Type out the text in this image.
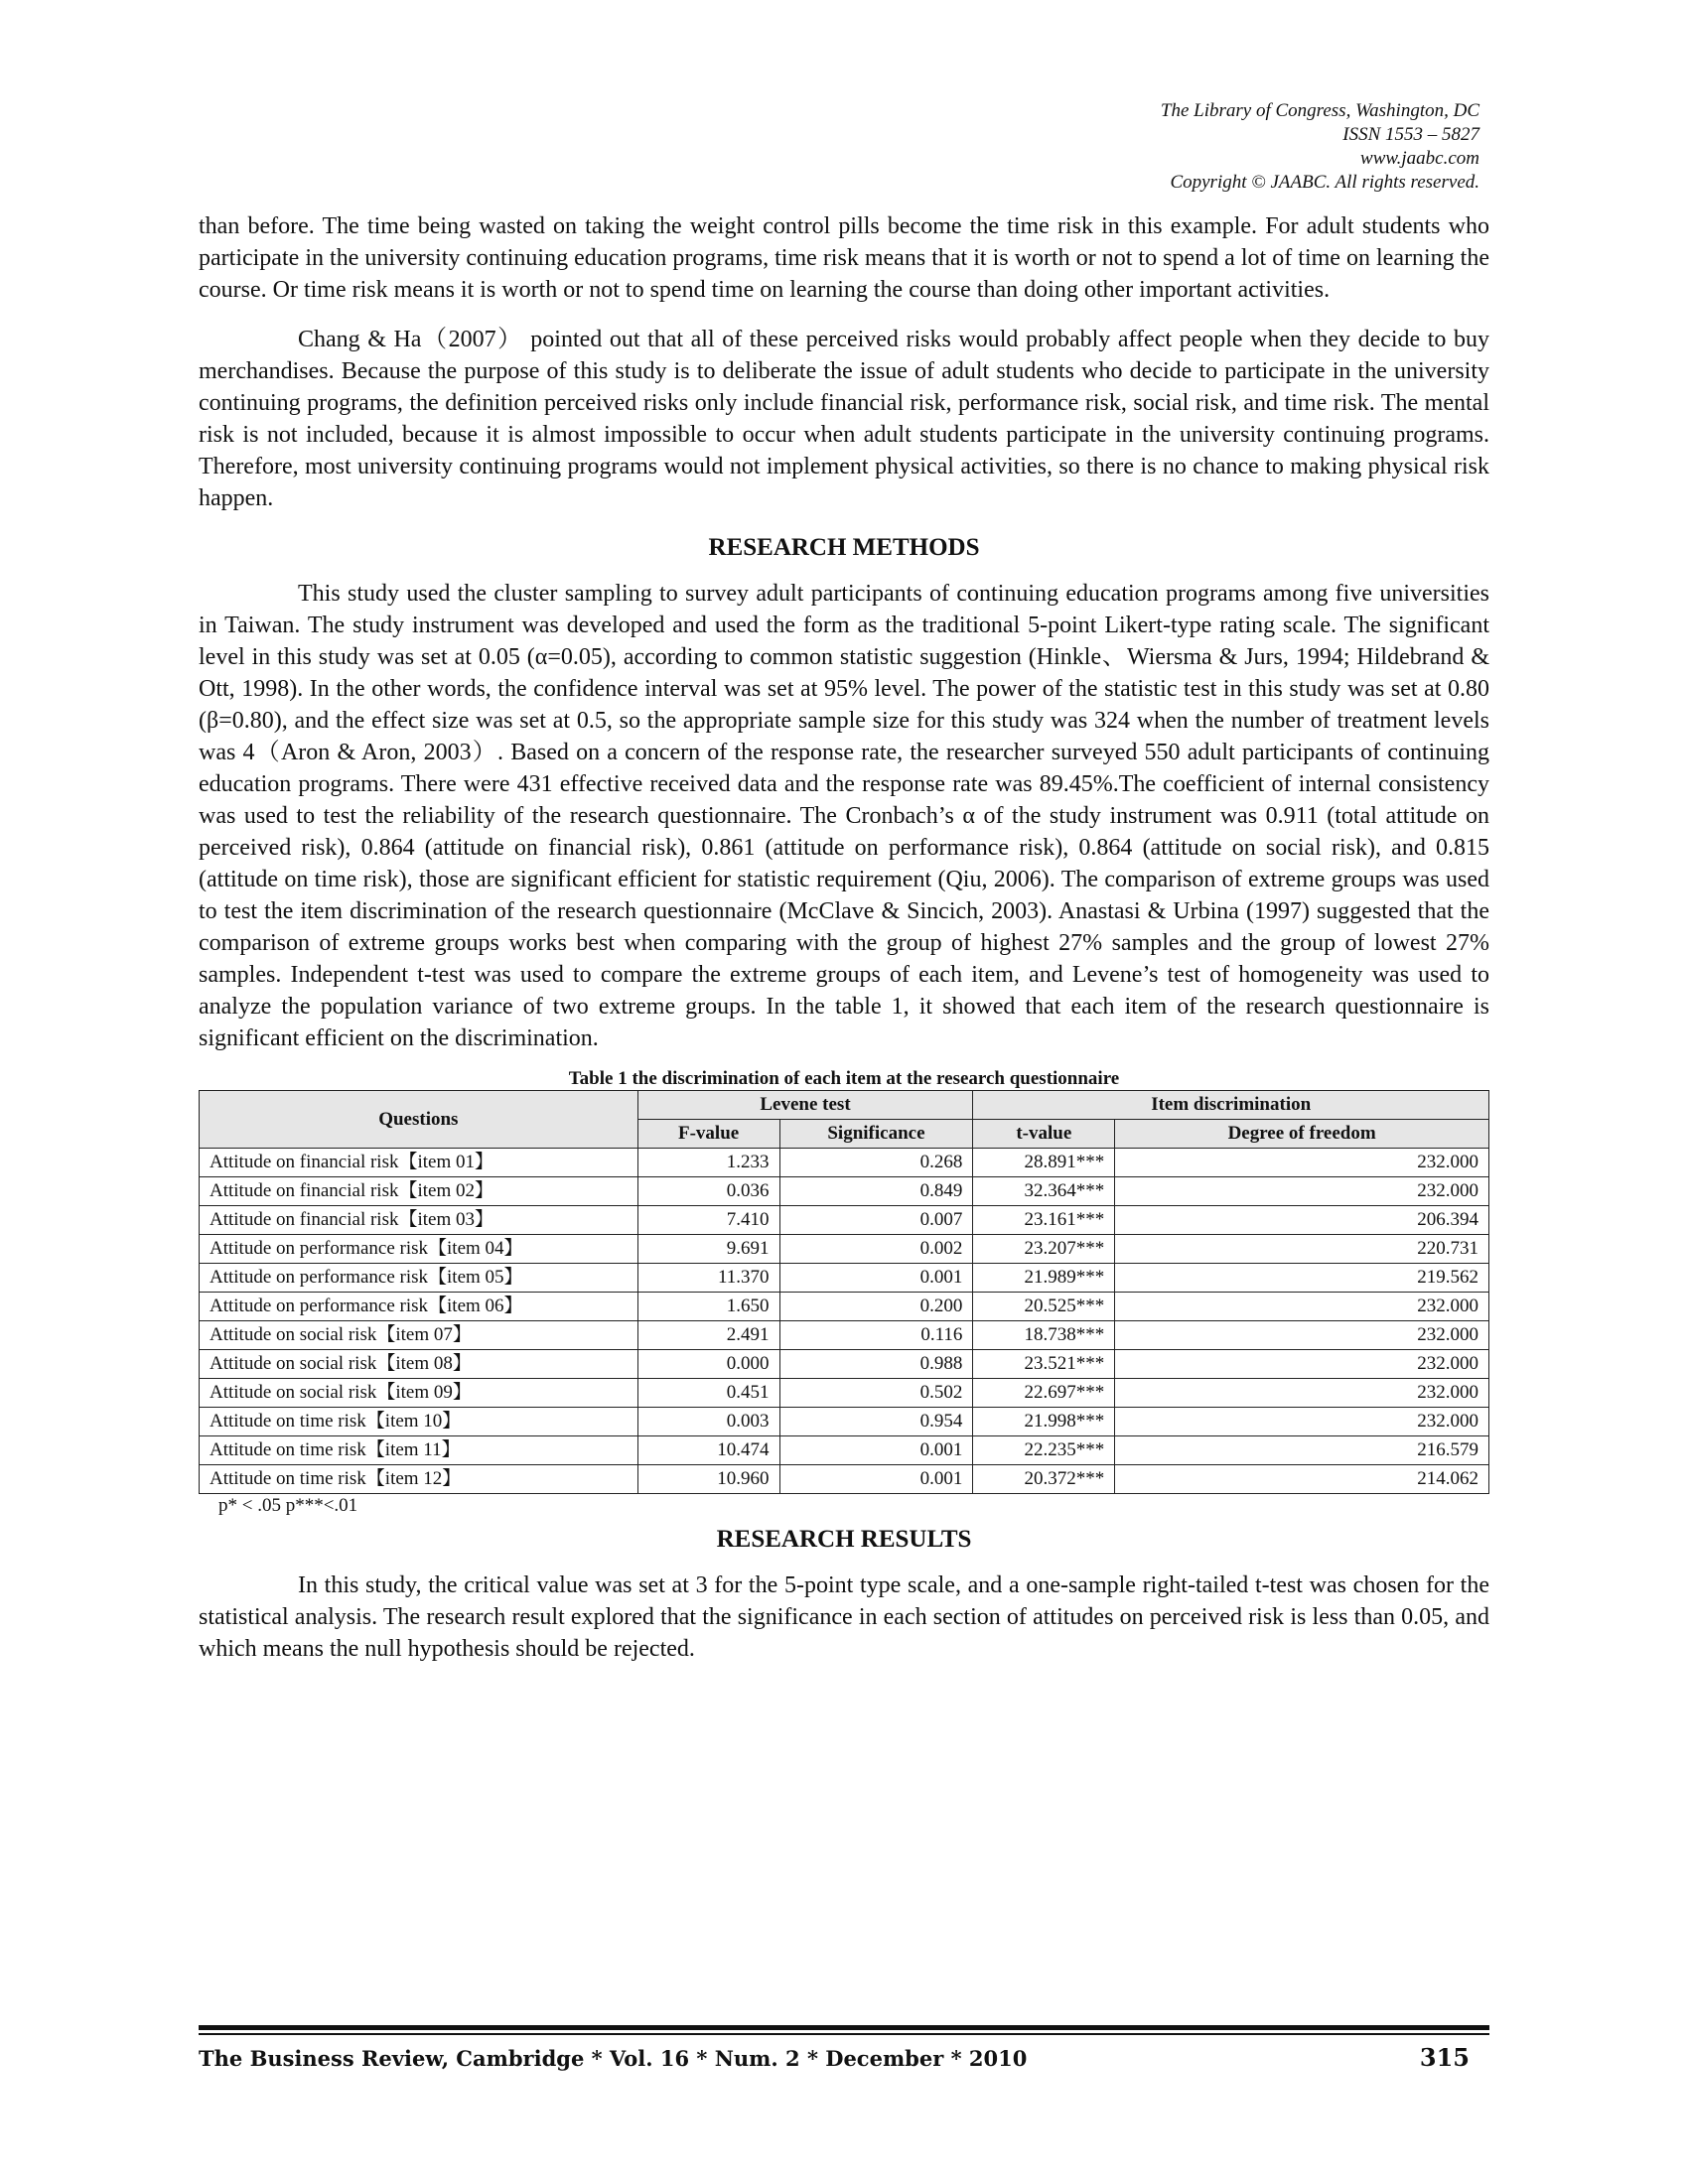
The Library of Congress, Washington, DC
ISSN 1553 – 5827
www.jaabc.com
Copyright © JAABC. All rights reserved.

than before. The time being wasted on taking the weight control pills become the time risk in this example. For adult students who participate in the university continuing education programs, time risk means that it is worth or not to spend a lot of time on learning the course. Or time risk means it is worth or not to spend time on learning the course than doing other important activities.

Chang & Ha（2007） pointed out that all of these perceived risks would probably affect people when they decide to buy merchandises. Because the purpose of this study is to deliberate the issue of adult students who decide to participate in the university continuing programs, the definition perceived risks only include financial risk, performance risk, social risk, and time risk. The mental risk is not included, because it is almost impossible to occur when adult students participate in the university continuing programs. Therefore, most university continuing programs would not implement physical activities, so there is no chance to making physical risk happen.

RESEARCH METHODS

This study used the cluster sampling to survey adult participants of continuing education programs among five universities in Taiwan. The study instrument was developed and used the form as the traditional 5-point Likert-type rating scale. The significant level in this study was set at 0.05 (α=0.05), according to common statistic suggestion (Hinkle、Wiersma & Jurs, 1994; Hildebrand & Ott, 1998). In the other words, the confidence interval was set at 95% level. The power of the statistic test in this study was set at 0.80 (β=0.80), and the effect size was set at 0.5, so the appropriate sample size for this study was 324 when the number of treatment levels was 4（Aron & Aron, 2003）. Based on a concern of the response rate, the researcher surveyed 550 adult participants of continuing education programs. There were 431 effective received data and the response rate was 89.45%.The coefficient of internal consistency was used to test the reliability of the research questionnaire. The Cronbach’s α of the study instrument was 0.911 (total attitude on perceived risk), 0.864 (attitude on financial risk), 0.861 (attitude on performance risk), 0.864 (attitude on social risk), and 0.815 (attitude on time risk), those are significant efficient for statistic requirement (Qiu, 2006). The comparison of extreme groups was used to test the item discrimination of the research questionnaire (McClave & Sincich, 2003). Anastasi & Urbina (1997) suggested that the comparison of extreme groups works best when comparing with the group of highest 27% samples and the group of lowest 27% samples. Independent t-test was used to compare the extreme groups of each item, and Levene’s test of homogeneity was used to analyze the population variance of two extreme groups. In the table 1, it showed that each item of the research questionnaire is significant efficient on the discrimination.

Table 1 the discrimination of each item at the research questionnaire
Questions	Levene test		Item discrimination	
	F-value	Significance	t-value	Degree of freedom
Attitude on financial risk【item 01】	1.233	0.268	28.891***	232.000
Attitude on financial risk【item 02】	0.036	0.849	32.364***	232.000
Attitude on financial risk【item 03】	7.410	0.007	23.161***	206.394
Attitude on performance risk【item 04】	9.691	0.002	23.207***	220.731
Attitude on performance risk【item 05】	11.370	0.001	21.989***	219.562
Attitude on performance risk【item 06】	1.650	0.200	20.525***	232.000
Attitude on social risk【item 07】	2.491	0.116	18.738***	232.000
Attitude on social risk【item 08】	0.000	0.988	23.521***	232.000
Attitude on social risk【item 09】	0.451	0.502	22.697***	232.000
Attitude on time risk【item 10】	0.003	0.954	21.998***	232.000
Attitude on time risk【item 11】	10.474	0.001	22.235***	216.579
Attitude on time risk【item 12】	10.960	0.001	20.372***	214.062
p* < .05 p***<.01
RESEARCH RESULTS

In this study, the critical value was set at 3 for the 5-point type scale, and a one-sample right-tailed t-test was chosen for the statistical analysis. The research result explored that the significance in each section of attitudes on perceived risk is less than 0.05, and which means the null hypothesis should be rejected.

The Business Review, Cambridge * Vol. 16 * Num. 2 * December * 2010	315
